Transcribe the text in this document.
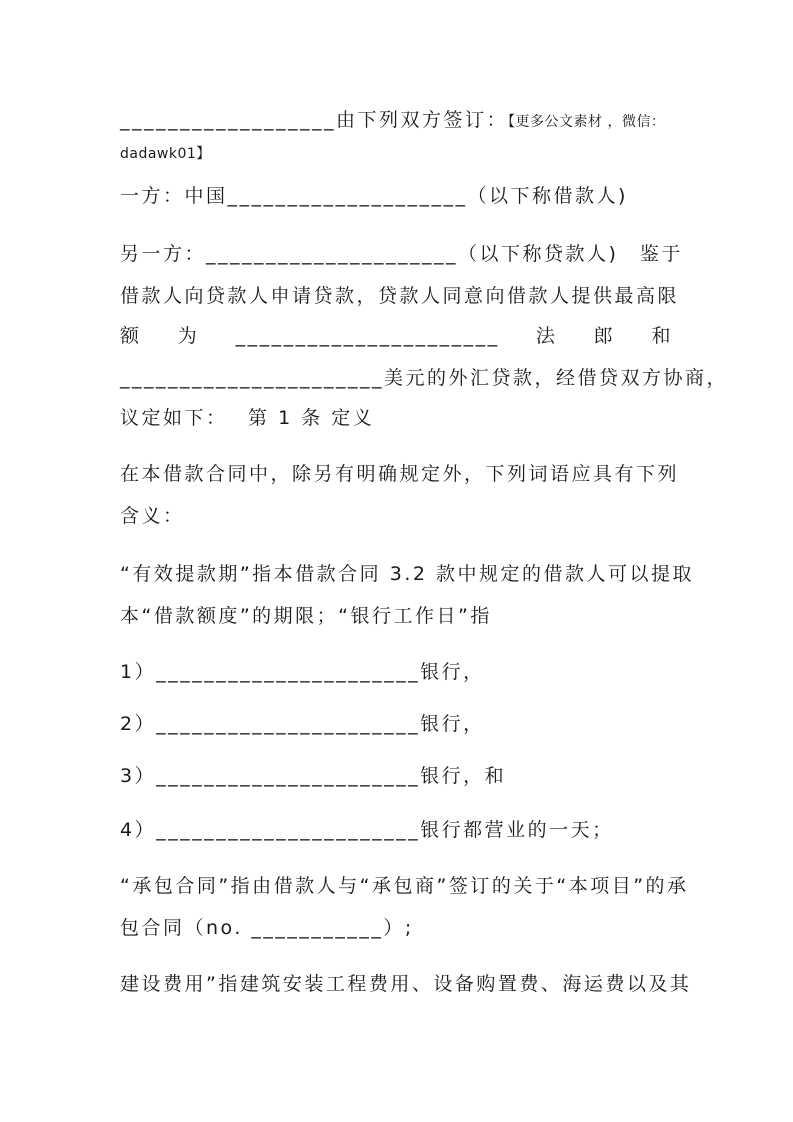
__________________由下列双方签订：【更多公文素材 ，微信：
dadawk01】
一方：中国____________________（以下称借款人)
另一方：_____________________（以下称贷款人)　鉴于
借款人向贷款人申请贷款，贷款人同意向借款人提供最高限
额 为 ______________________ 法 郎 和
______________________美元的外汇贷款，经借贷双方协商，
议定如下：　 第 1 条 定义
在本借款合同中，除另有明确规定外，下列词语应具有下列
含义：
“有效提款期”指本借款合同 3.2 款中规定的借款人可以提取
本“借款额度”的期限；“银行工作日”指
1）______________________银行，
2）______________________银行，
3）______________________银行，和
4）______________________银行都营业的一天；
“承包合同”指由借款人与“承包商”签订的关于“本项目”的承
包合同（no. ___________）;
建设费用”指建筑安装工程费用、设备购置费、海运费以及其
